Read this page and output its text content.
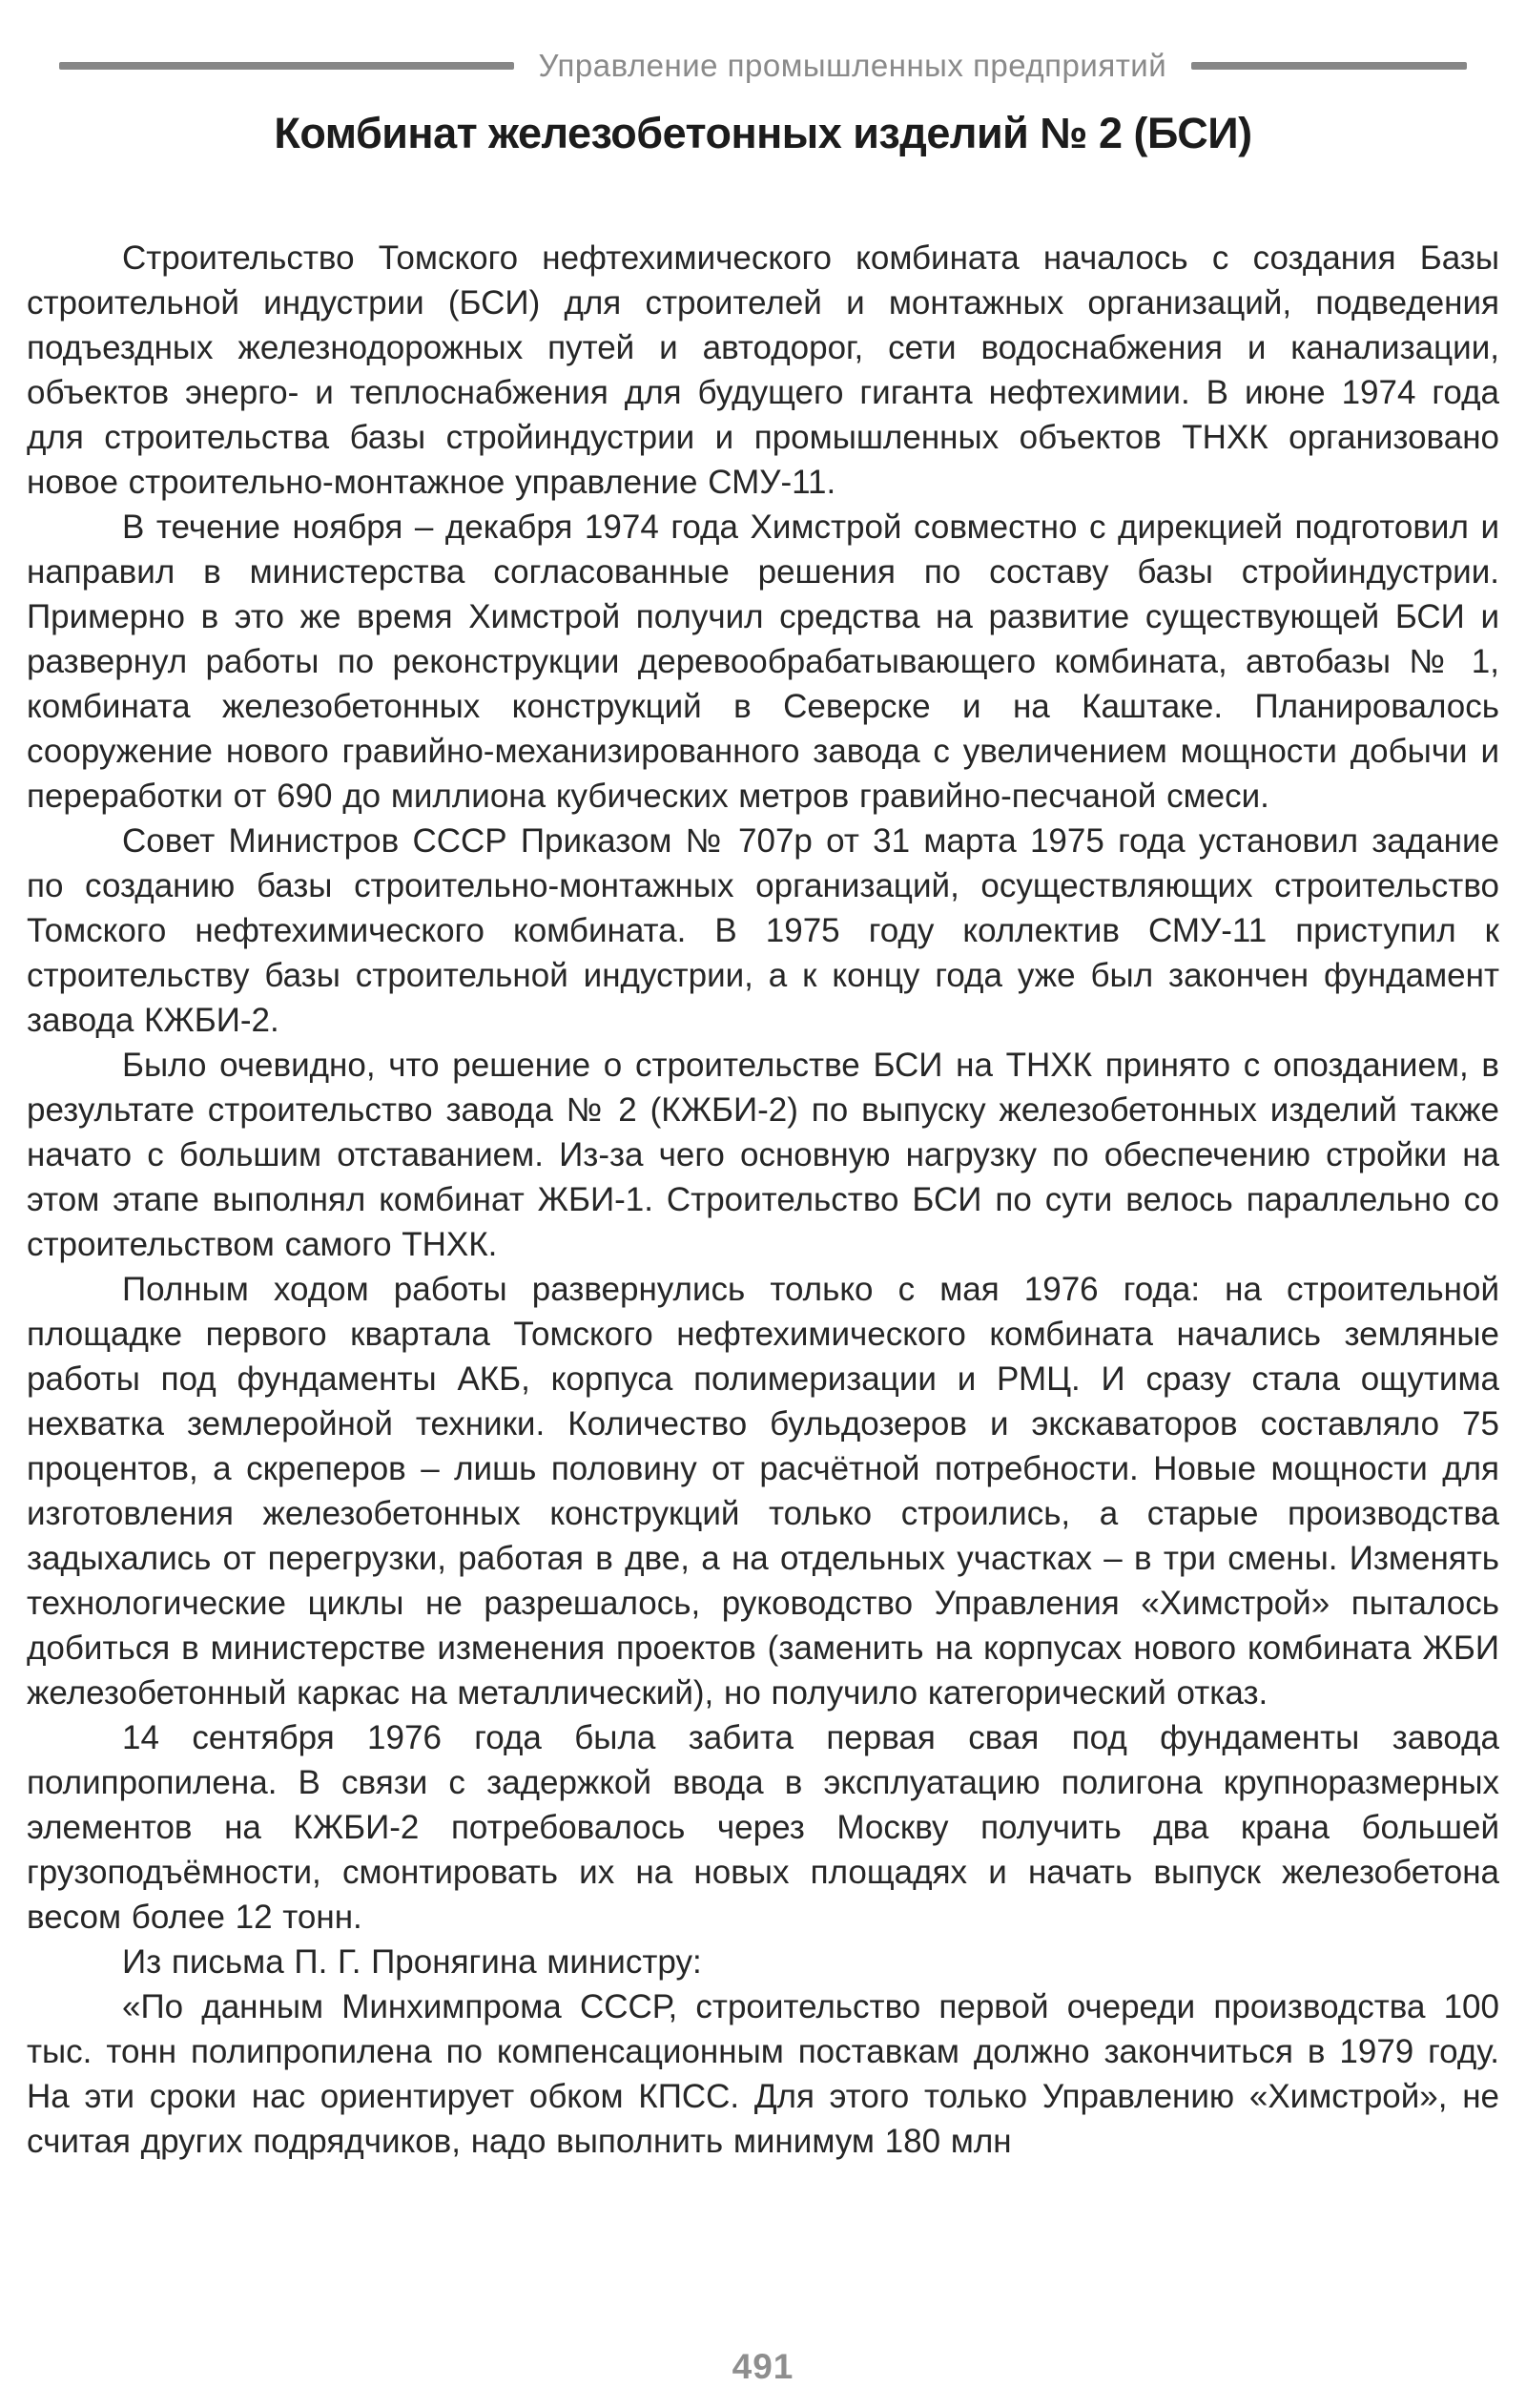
Управление промышленных предприятий
Комбинат железобетонных изделий № 2 (БСИ)

Строительство Томского нефтехимического комбината началось с создания Базы строительной индустрии (БСИ) для строителей и монтажных организаций, подведения подъездных железнодорожных путей и автодорог, сети водоснабжения и канализации, объектов энерго- и теплоснабжения для будущего гиганта нефтехимии. В июне 1974 года для строительства базы стройиндустрии и промышленных объектов ТНХК организовано новое строительно-монтажное управление СМУ-11.

В течение ноября – декабря 1974 года Химстрой совместно с дирекцией подготовил и направил в министерства согласованные решения по составу базы стройиндустрии. Примерно в это же время Химстрой получил средства на развитие существующей БСИ и развернул работы по реконструкции деревообрабатывающего комбината, автобазы № 1, комбината железобетонных конструкций в Северске и на Каштаке. Планировалось сооружение нового гравийно-механизированного завода с увеличением мощности добычи и переработки от 690 до миллиона кубических метров гравийно-песчаной смеси.

Совет Министров СССР Приказом № 707р от 31 марта 1975 года установил задание по созданию базы строительно-монтажных организаций, осуществляющих строительство Томского нефтехимического комбината. В 1975 году коллектив СМУ-11 приступил к строительству базы строительной индустрии, а к концу года уже был закончен фундамент завода КЖБИ-2.

Было очевидно, что решение о строительстве БСИ на ТНХК принято с опозданием, в результате строительство завода № 2 (КЖБИ-2) по выпуску железобетонных изделий также начато с большим отставанием. Из-за чего основную нагрузку по обеспечению стройки на этом этапе выполнял комбинат ЖБИ-1. Строительство БСИ по сути велось параллельно со строительством самого ТНХК.

Полным ходом работы развернулись только с мая 1976 года: на строительной площадке первого квартала Томского нефтехимического комбината начались земляные работы под фундаменты АКБ, корпуса полимеризации и РМЦ. И сразу стала ощутима нехватка землеройной техники. Количество бульдозеров и экскаваторов составляло 75 процентов, а скреперов – лишь половину от расчётной потребности. Новые мощности для изготовления железобетонных конструкций только строились, а старые производства задыхались от перегрузки, работая в две, а на отдельных участках – в три смены. Изменять технологические циклы не разрешалось, руководство Управления «Химстрой» пыталось добиться в министерстве изменения проектов (заменить на корпусах нового комбината ЖБИ железобетонный каркас на металлический), но получило категорический отказ.

14 сентября 1976 года была забита первая свая под фундаменты завода полипропилена. В связи с задержкой ввода в эксплуатацию полигона крупноразмерных элементов на КЖБИ-2 потребовалось через Москву получить два крана большей грузоподъёмности, смонтировать их на новых площадях и начать выпуск железобетона весом более 12 тонн.

Из письма П. Г. Пронягина министру:

«По данным Минхимпрома СССР, строительство первой очереди производства 100 тыс. тонн полипропилена по компенсационным поставкам должно закончиться в 1979 году. На эти сроки нас ориентирует обком КПСС. Для этого только Управлению «Химстрой», не считая других подрядчиков, надо выполнить минимум 180 млн

491
